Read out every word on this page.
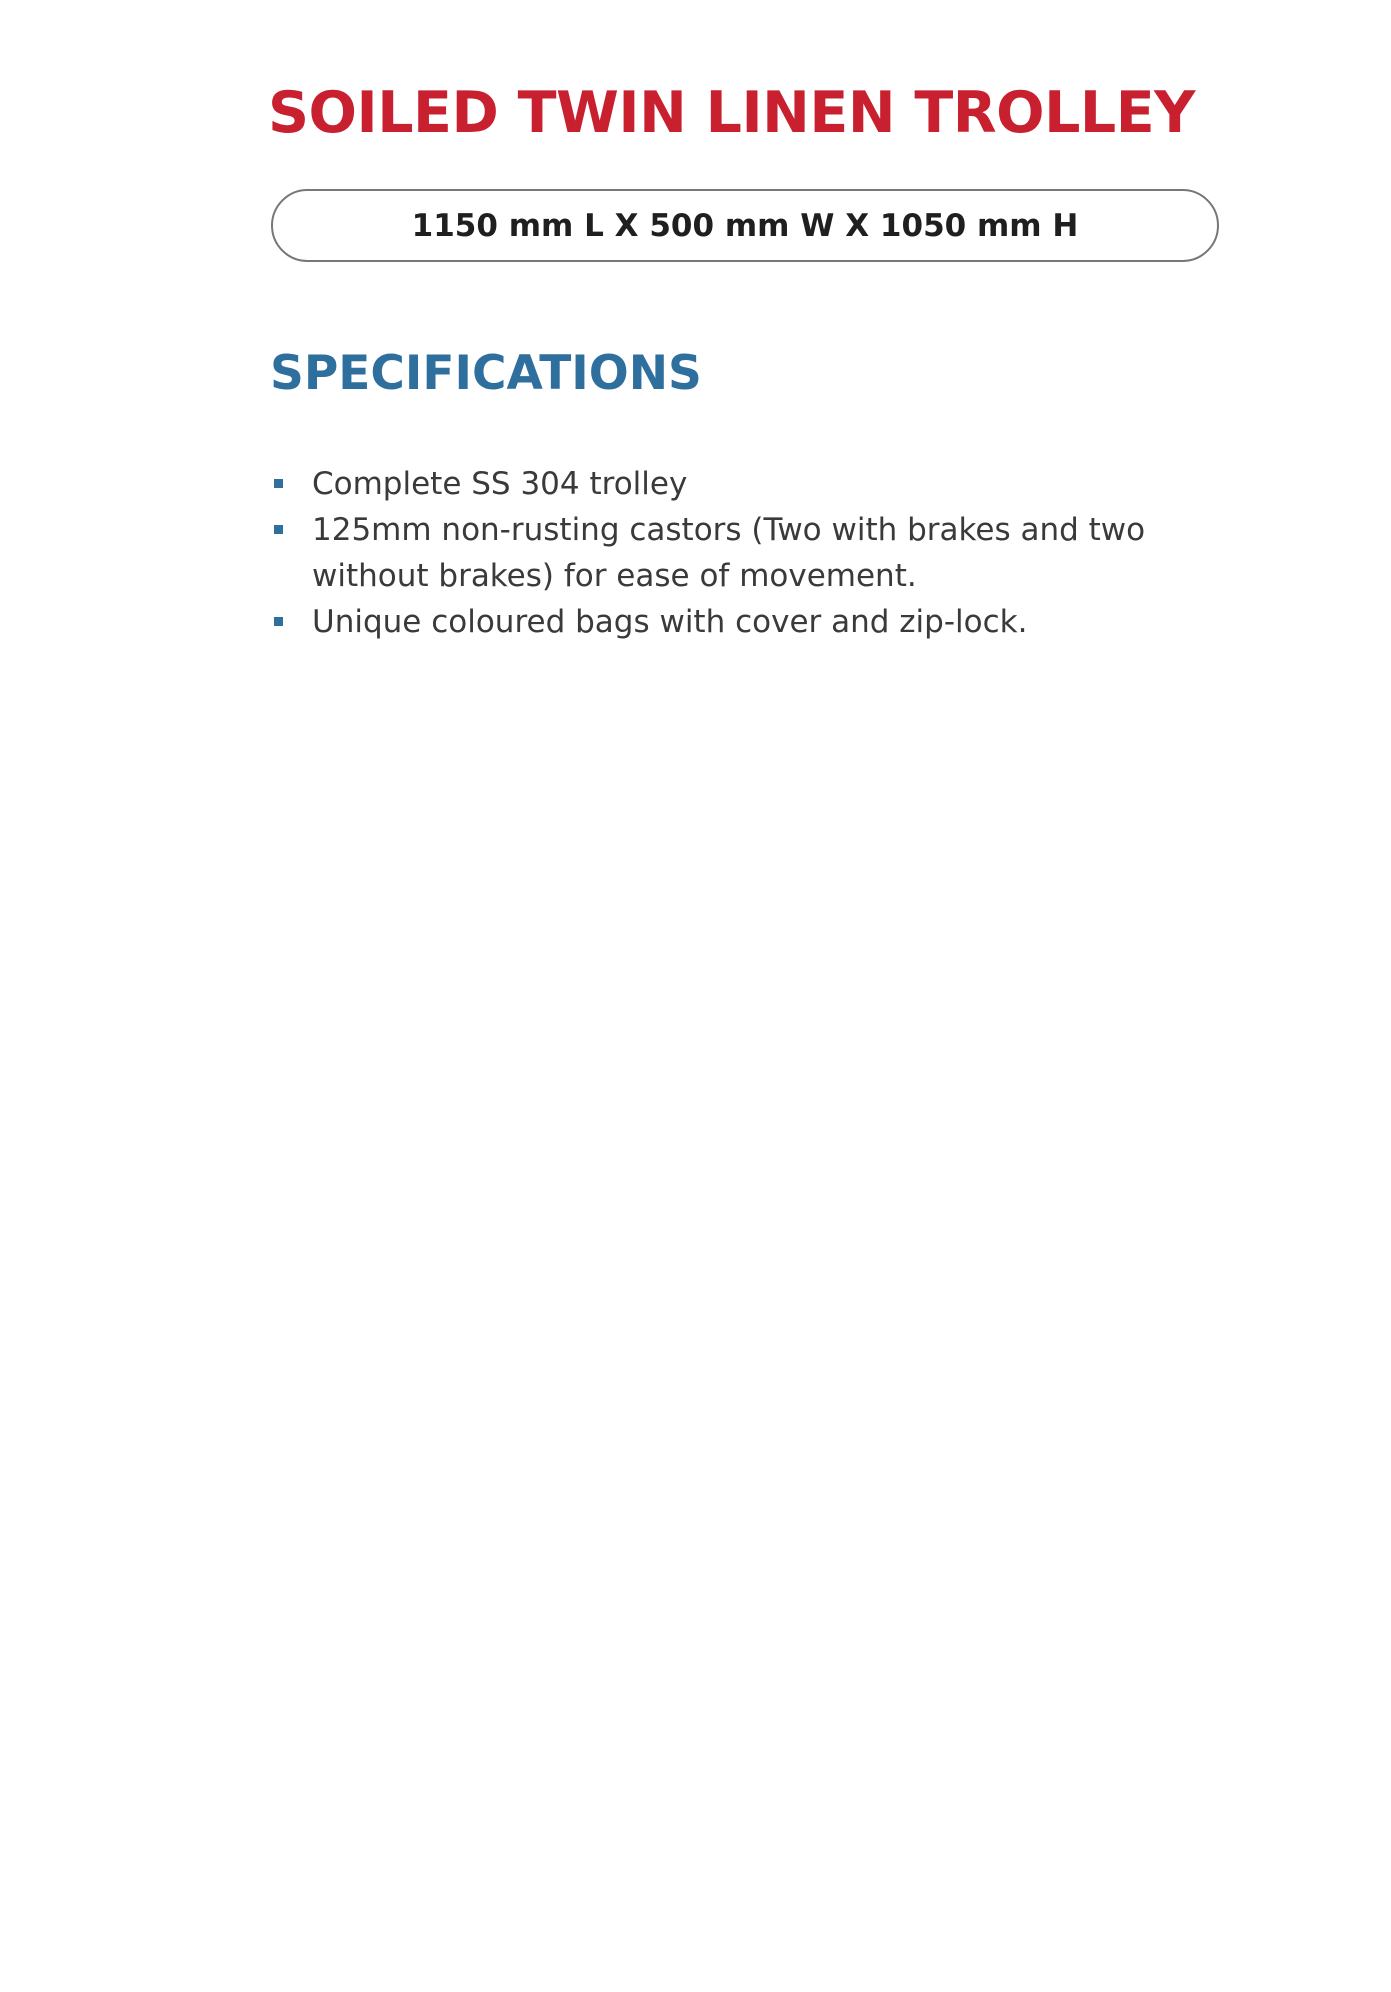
SOILED TWIN LINEN TROLLEY
1150 mm L X 500 mm W X 1050 mm H
SPECIFICATIONS
Complete SS 304 trolley
125mm non-rusting castors (Two with brakes and two without brakes) for ease of movement.
Unique coloured bags with cover and zip-lock.
